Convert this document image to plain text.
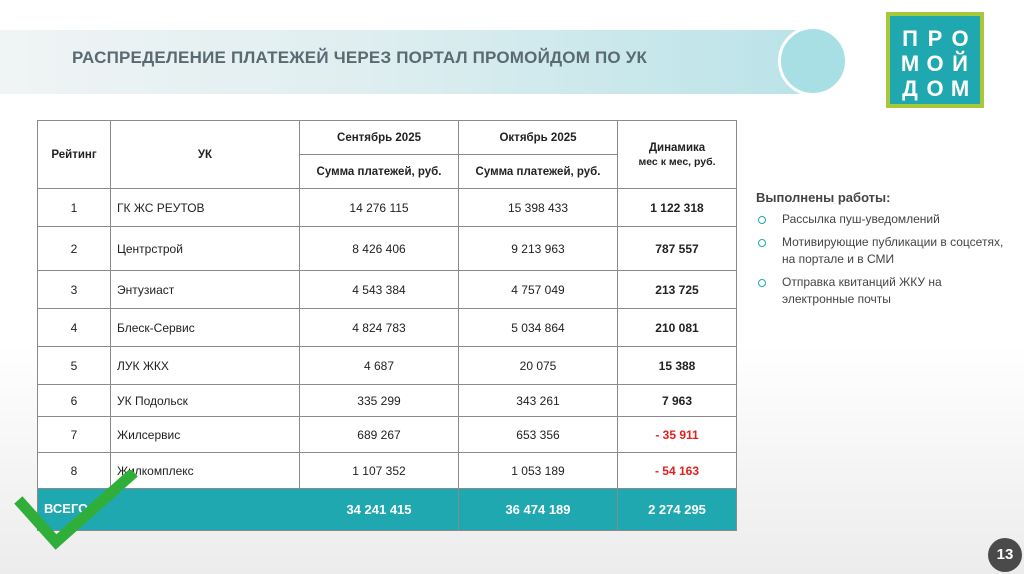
РАСПРЕДЕЛЕНИЕ ПЛАТЕЖЕЙ ЧЕРЕЗ ПОРТАЛ ПРОМОЙДОМ ПО УК
П Р О
М О Й
Д О М
Рейтинг	УК	Сентябрь 2025	Октябрь 2025	Динамика
мес к мес, руб.

		Сумма платежей, руб.	Сумма платежей, руб.	
1	ГК ЖС РЕУТОВ	14 276 115	15 398 433	1 122 318
2	Центрстрой	8 426 406	9 213 963	787 557
3	Энтузиаст	4 543 384	4 757 049	213 725
4	Блеск-Сервис	4 824 783	5 034 864	210 081
5	ЛУК ЖКХ	4 687	20 075	15 388
6	УК Подольск	335 299	343 261	7 963
7	Жилсервис	689 267	653 356	- 35 911
8	Жилкомплекс	1 107 352	1 053 189	- 54 163
ВСЕГО		34 241 415	36 474 189	2 274 295
Выполнены работы:
Рассылка пуш-уведомлений
Мотивирующие публикации в соцсетях, на портале и в СМИ
Отправка квитанций ЖКУ на электронные почты
13
